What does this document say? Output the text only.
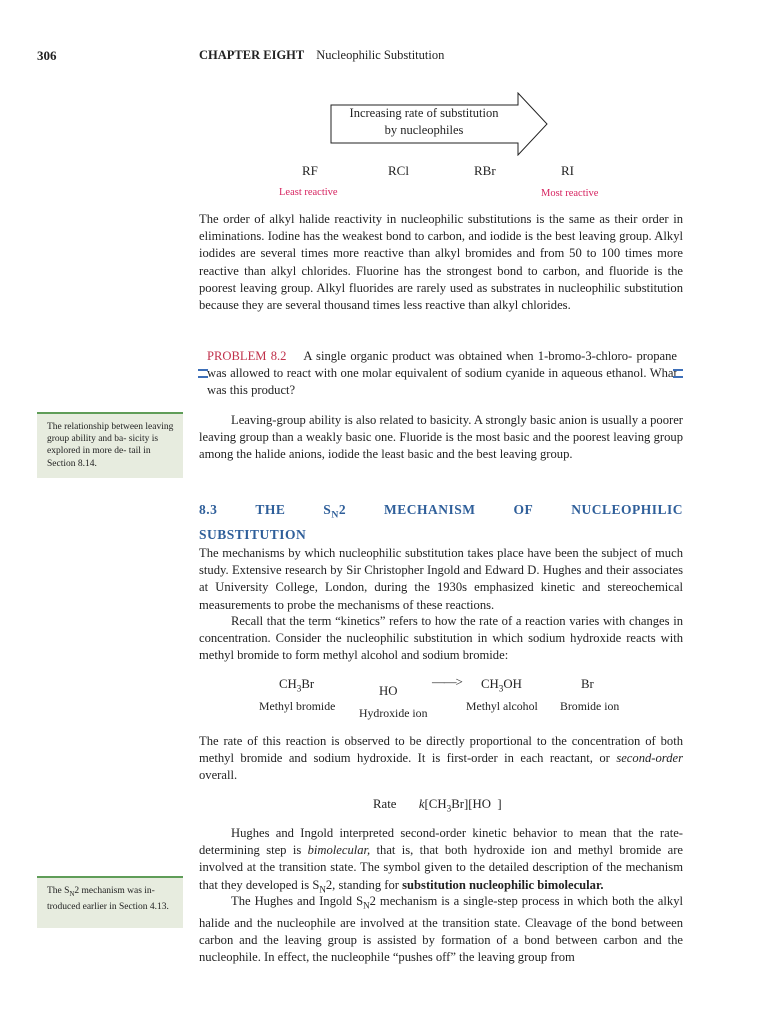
306	CHAPTER EIGHT Nucleophilic Substitution
Increasing rate of substitution
by nucleophiles
RF	RCl	RBr	RI
Least reactive	Most reactive
The order of alkyl halide reactivity in nucleophilic substitutions is the same as their order in eliminations. Iodine has the weakest bond to carbon, and iodide is the best leaving group. Alkyl iodides are several times more reactive than alkyl bromides and from 50 to 100 times more reactive than alkyl chlorides. Fluorine has the strongest bond to carbon, and fluoride is the poorest leaving group. Alkyl fluorides are rarely used as substrates in nucleophilic substitution because they are several thousand times less reactive than alkyl chlorides.
PROBLEM 8.2 A single organic product was obtained when 1-bromo-3-chloro- propane was allowed to react with one molar equivalent of sodium cyanide in aqueous ethanol. What was this product?
The relationship between leaving group ability and ba- sicity is explored in more de- tail in Section 8.14.
Leaving-group ability is also related to basicity. A strongly basic anion is usually a poorer leaving group than a weakly basic one. Fluoride is the most basic and the poorest leaving group among the halide anions, iodide the least basic and the best leaving group.
8.3	THE	$S_N2$	MECHANISM	OF	NUCLEOPHILIC
SUBSTITUTION
The mechanisms by which nucleophilic substitution takes place have been the subject of much study. Extensive research by Sir Christopher Ingold and Edward D. Hughes and their associates at University College, London, during the 1930s emphasized kinetic and stereochemical measurements to probe the mechanisms of these reactions.
Recall that the term “kinetics” refers to how the rate of a reaction varies with changes in concentration. Consider the nucleophilic substitution in which sodium hydroxide reacts with methyl bromide to form methyl alcohol and sodium bromide:
$CH_3Br$
Methyl bromide
HO
Hydroxide ion
——> $CH_3OH$
Methyl alcohol
Br
Bromide ion
The rate of this reaction is observed to be directly proportional to the concentration of both methyl bromide and sodium hydroxide. It is first-order in each reactant, or second-order overall.
Rate $k[CH_3Br][HO$  ]
Hughes and Ingold interpreted second-order kinetic behavior to mean that the rate-determining step is bimolecular, that is, that both hydroxide ion and methyl bromide are involved at the transition state. The symbol given to the detailed description of the mechanism that they developed is $S_N2$, standing for substitution nucleophilic bimolecular.
The $S_N2$ mechanism was in- troduced earlier in Section 4.13.	The Hughes and Ingold $S_N2$ mechanism is a single-step process in which both the alkyl halide and the nucleophile are involved at the transition state. Cleavage of the bond between carbon and the leaving group is assisted by formation of a bond between carbon and the nucleophile. In effect, the nucleophile “pushes off” the leaving group from
